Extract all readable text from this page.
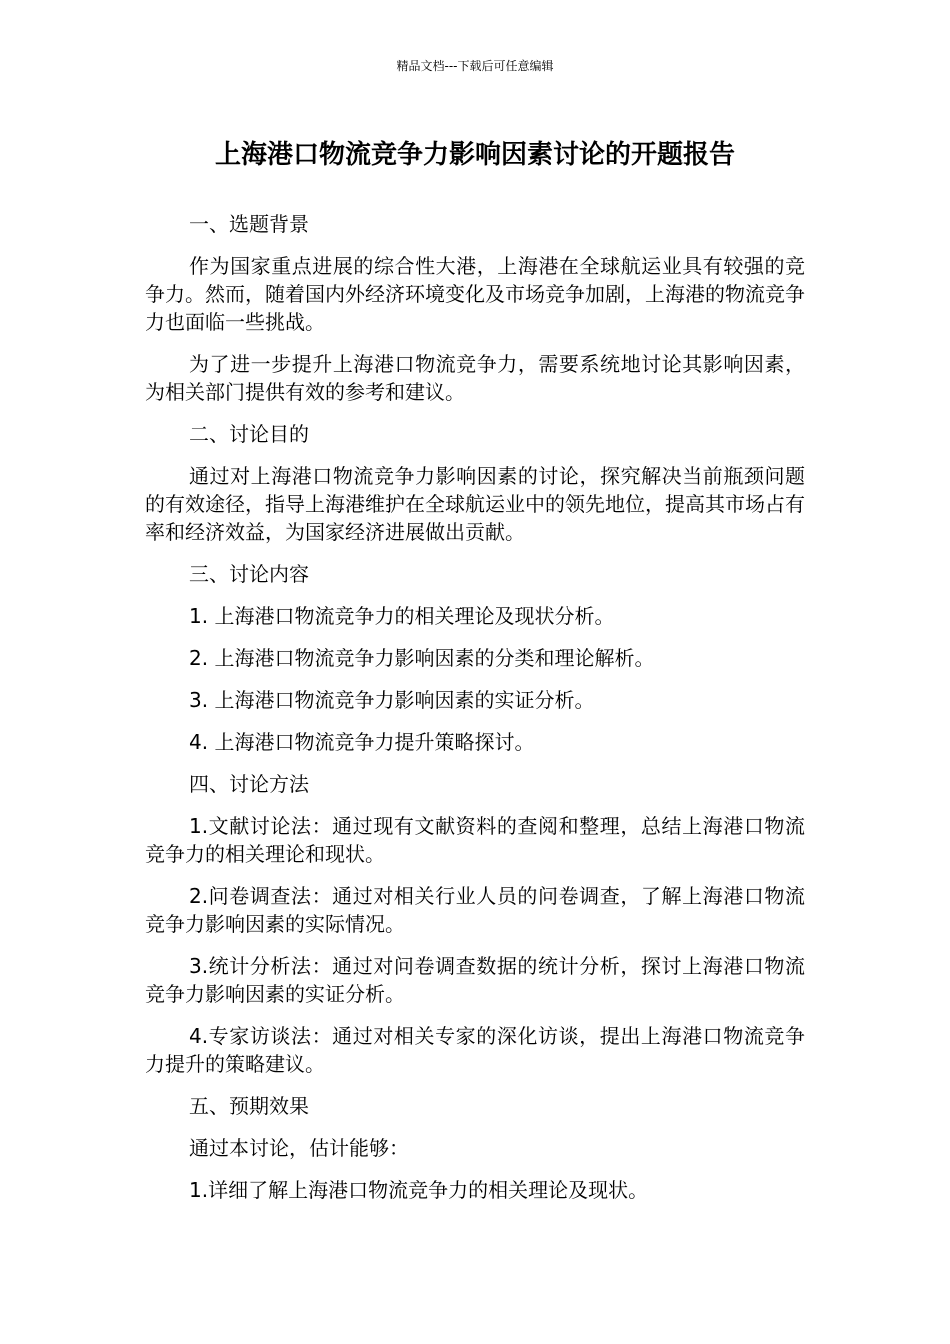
精品文档---下载后可任意编辑
上海港口物流竞争力影响因素讨论的开题报告

一、选题背景

作为国家重点进展的综合性大港，上海港在全球航运业具有较强的竞争力。然而，随着国内外经济环境变化及市场竞争加剧，上海港的物流竞争力也面临一些挑战。

为了进一步提升上海港口物流竞争力，需要系统地讨论其影响因素，为相关部门提供有效的参考和建议。

二、讨论目的

通过对上海港口物流竞争力影响因素的讨论，探究解决当前瓶颈问题的有效途径，指导上海港维护在全球航运业中的领先地位，提高其市场占有率和经济效益，为国家经济进展做出贡献。

三、讨论内容

1. 上海港口物流竞争力的相关理论及现状分析。

2. 上海港口物流竞争力影响因素的分类和理论解析。

3. 上海港口物流竞争力影响因素的实证分析。

4. 上海港口物流竞争力提升策略探讨。

四、讨论方法

1.文献讨论法：通过现有文献资料的查阅和整理，总结上海港口物流竞争力的相关理论和现状。

2.问卷调查法：通过对相关行业人员的问卷调查，了解上海港口物流竞争力影响因素的实际情况。

3.统计分析法：通过对问卷调查数据的统计分析，探讨上海港口物流竞争力影响因素的实证分析。

4.专家访谈法：通过对相关专家的深化访谈，提出上海港口物流竞争力提升的策略建议。

五、预期效果

通过本讨论，估计能够：

1.详细了解上海港口物流竞争力的相关理论及现状。
